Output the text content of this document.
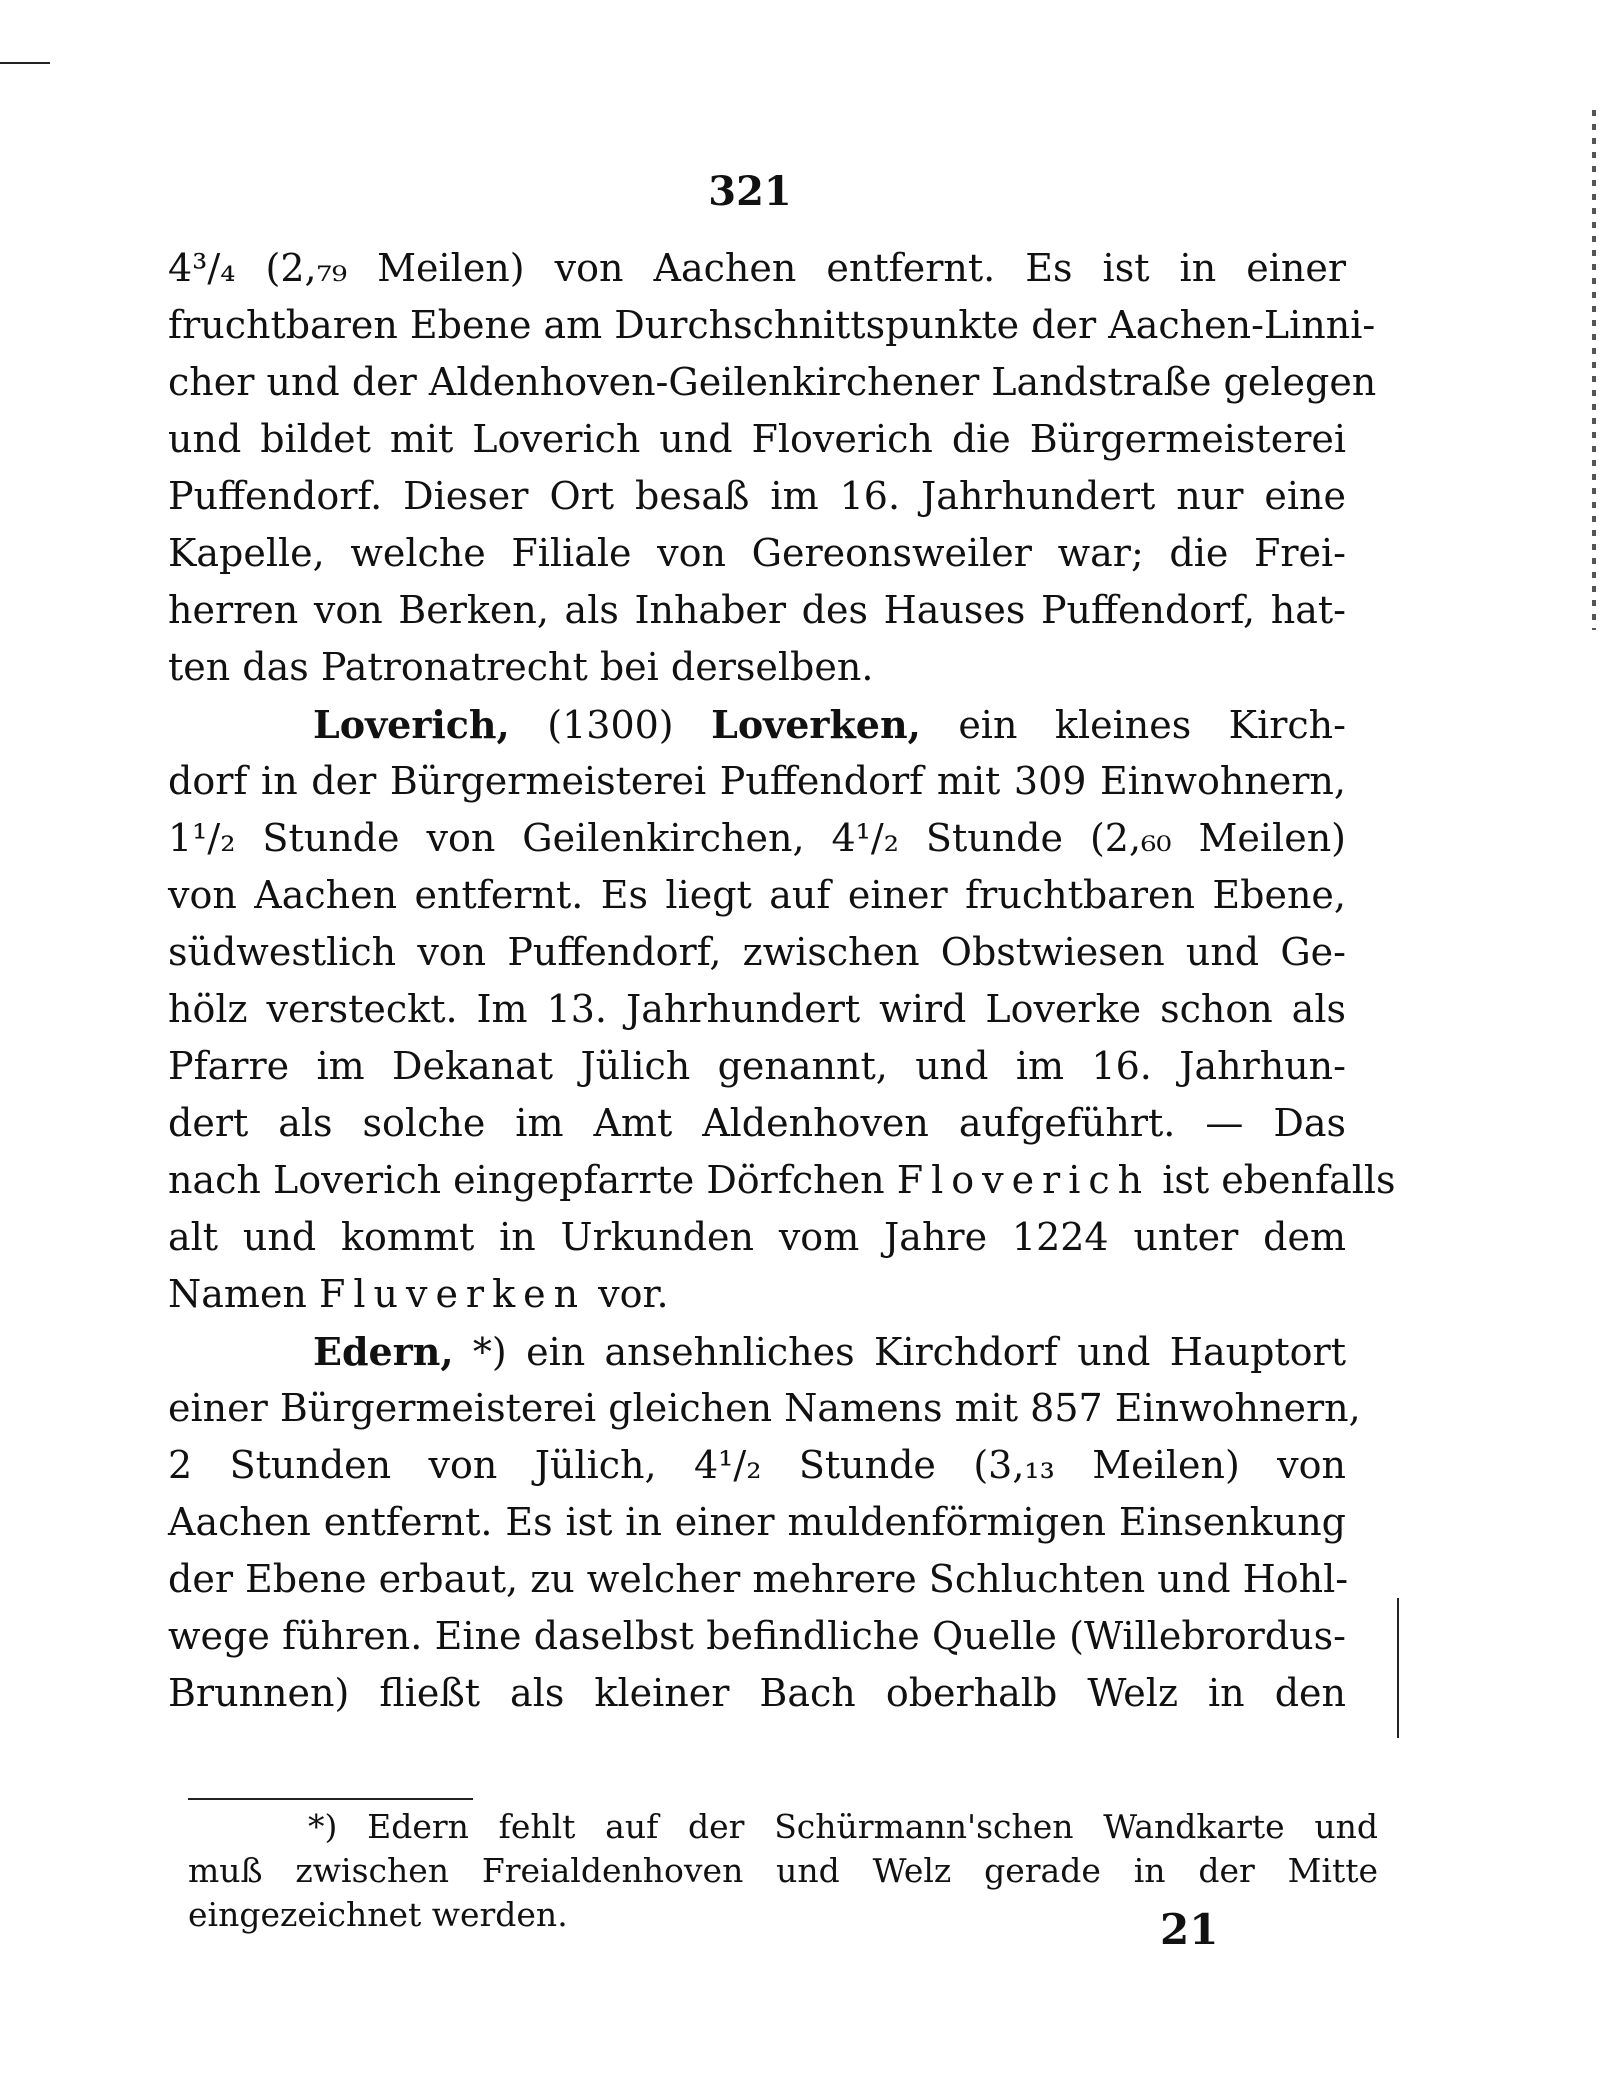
321
4³/₄ (2,₇₉ Meilen) von Aachen entfernt. Es ist in einer
fruchtbaren Ebene am Durchschnittspunkte der Aachen-Linni-
cher und der Aldenhoven-Geilenkirchener Landstraße gelegen
und bildet mit Loverich und Floverich die Bürgermeisterei
Puffendorf. Dieser Ort besaß im 16. Jahrhundert nur eine
Kapelle, welche Filiale von Gereonsweiler war; die Frei-
herren von Berken, als Inhaber des Hauses Puffendorf, hat-
ten das Patronatrecht bei derselben.
Loverich, (1300) Loverken, ein kleines Kirch-
dorf in der Bürgermeisterei Puffendorf mit 309 Einwohnern,
1¹/₂ Stunde von Geilenkirchen, 4¹/₂ Stunde (2,₆₀ Meilen)
von Aachen entfernt. Es liegt auf einer fruchtbaren Ebene,
südwestlich von Puffendorf, zwischen Obstwiesen und Ge-
hölz versteckt. Im 13. Jahrhundert wird Loverke schon als
Pfarre im Dekanat Jülich genannt, und im 16. Jahrhun-
dert als solche im Amt Aldenhoven aufgeführt. — Das
nach Loverich eingepfarrte Dörfchen Floverich ist ebenfalls
alt und kommt in Urkunden vom Jahre 1224 unter dem
Namen Fluverken vor.
Edern, *) ein ansehnliches Kirchdorf und Hauptort
einer Bürgermeisterei gleichen Namens mit 857 Einwohnern,
2 Stunden von Jülich, 4¹/₂ Stunde (3,₁₃ Meilen) von
Aachen entfernt. Es ist in einer muldenförmigen Einsenkung
der Ebene erbaut, zu welcher mehrere Schluchten und Hohl-
wege führen. Eine daselbst befindliche Quelle (Willebrordus-
Brunnen) fließt als kleiner Bach oberhalb Welz in den
*) Edern fehlt auf der Schürmann'schen Wandkarte und
muß zwischen Freialdenhoven und Welz gerade in der Mitte
eingezeichnet werden.	21
